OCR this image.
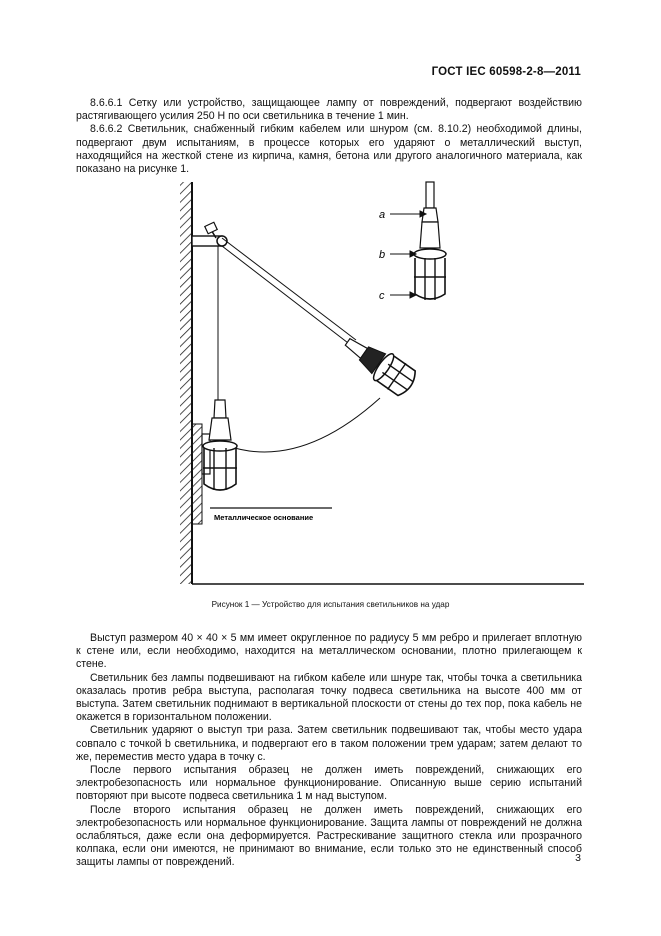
ГОСТ IEC 60598-2-8—2011

8.6.6.1 Сетку или устройство, защищающее лампу от повреждений, подвергают воздействию растягивающего усилия 250 Н по оси светильника в течение 1 мин.

8.6.6.2 Светильник, снабженный гибким кабелем или шнуром (см. 8.10.2) необходимой длины, подвергают двум испытаниям, в процессе которых его ударяют о металлический выступ, находящийся на жесткой стене из кирпича, камня, бетона или другого аналогичного материала, как показано на рисунке 1.

a
b
c
Металлическое основание
Рисунок 1 — Устройство для испытания светильников на удар

Выступ размером 40 × 40 × 5 мм имеет округленное по радиусу 5 мм ребро и прилегает вплотную к стене или, если необходимо, находится на металлическом основании, плотно прилегающем к стене.

Светильник без лампы подвешивают на гибком кабеле или шнуре так, чтобы точка a светильника оказалась против ребра выступа, располагая точку подвеса светильника на высоте 400 мм от выступа. Затем светильник поднимают в вертикальной плоскости от стены до тех пор, пока кабель не окажется в горизонтальном положении.

Светильник ударяют о выступ три раза. Затем светильник подвешивают так, чтобы место удара совпало с точкой b светильника, и подвергают его в таком положении трем ударам; затем делают то же, переместив место удара в точку c.

После первого испытания образец не должен иметь повреждений, снижающих его электробезопасность или нормальное функционирование. Описанную выше серию испытаний повторяют при высоте подвеса светильника 1 м над выступом.

После второго испытания образец не должен иметь повреждений, снижающих его электробезопасность или нормальное функционирование. Защита лампы от повреждений не должна ослабляться, даже если она деформируется. Растрескивание защитного стекла или прозрачного колпака, если они имеются, не принимают во внимание, если только это не единственный способ защиты лампы от повреждений.	3
